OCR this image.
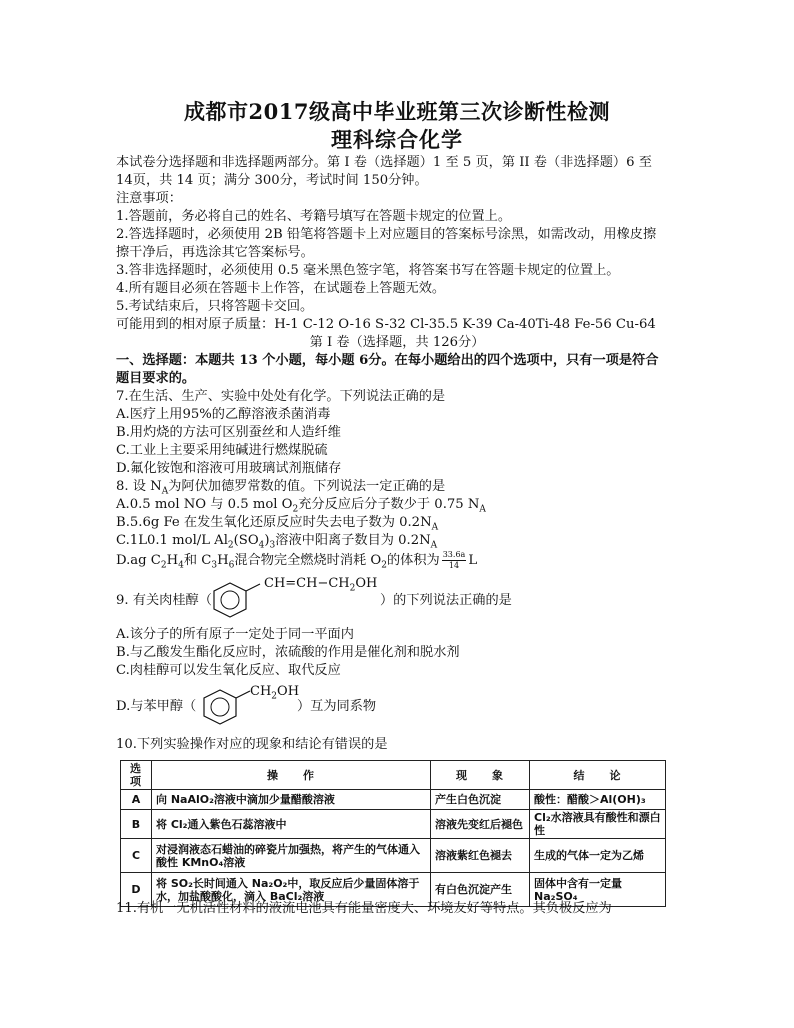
成都市2017级高中毕业班第三次诊断性检测
理科综合化学
本试卷分选择题和非选择题两部分。第 I 卷（选择题）1 至 5 页，第 II 卷（非选择题）6 至
14页，共 14 页；满分 300分，考试时间 150分钟。
注意事项：
1.答题前，务必将自己的姓名、考籍号填写在答题卡规定的位置上。
2.答选择题时，必须使用 2B 铅笔将答题卡上对应题目的答案标号涂黑，如需改动，用橡皮擦
擦干净后，再选涂其它答案标号。
3.答非选择题时，必须使用 0.5 毫米黑色签字笔，将答案书写在答题卡规定的位置上。
4.所有题目必须在答题卡上作答，在试题卷上答题无效。
5.考试结束后，只将答题卡交回。
可能用到的相对原子质量：H-1 C-12 O-16 S-32 Cl-35.5 K-39 Ca-40Ti-48 Fe-56 Cu-64
第 I 卷（选择题，共 126分）
一、选择题：本题共 13 个小题，每小题 6分。在每小题给出的四个选项中，只有一项是符合
题目要求的。
7.在生活、生产、实验中处处有化学。下列说法正确的是
A.医疗上用95%的乙醇溶液杀菌消毒
B.用灼烧的方法可区别蚕丝和人造纤维
C.工业上主要采用纯碱进行燃煤脱硫
D.氟化铵饱和溶液可用玻璃试剂瓶储存
8. 设 $N_A$为阿伏加德罗常数的值。下列说法一定正确的是
A.0.5 mol NO 与 0.5 mol $O_2$充分反应后分子数少于 0.75 $N_A$
B.5.6g Fe 在发生氧化还原反应时失去电子数为 $0.2N_A$
C.1L0.1 mol/L $Al_2(SO_4)_3$溶液中阳离子数目为 $0.2N_A$
D.ag $C_2H_4$和 $C_3H_6$混合物完全燃烧时消耗 $O_2$的体积为 $\frac{33.6a}{14}$ L
9. 有关肉桂醇（
$CH=CH-CH_2OH$
）的下列说法正确的是
A.该分子的所有原子一定处于同一平面内
B.与乙酸发生酯化反应时，浓硫酸的作用是催化剂和脱水剂
C.肉桂醇可以发生氧化反应、取代反应
D.与苯甲醇（
$CH_2OH$
）互为同系物
10.下列实验操作对应的现象和结论有错误的是
选项	操　　作	现　　象	结　　论
A	向 NaAlO₂溶液中滴加少量醋酸溶液	产生白色沉淀	酸性：醋酸＞Al(OH)₃
B	将 Cl₂通入紫色石蕊溶液中	溶液先变红后褪色	Cl₂水溶液具有酸性和漂白性
C	对浸润液态石蜡油的碎瓷片加强热，将产生的气体通入酸性 KMnO₄溶液	溶液紫红色褪去	生成的气体一定为乙烯
D	将 SO₂长时间通入 Na₂O₂中，取反应后少量固体溶于水，加盐酸酸化，滴入 BaCl₂溶液	有白色沉淀产生	固体中含有一定量 Na₂SO₄
11.有机一无机活性材料的液流电池具有能量密度大、环境友好等特点。其负极反应为
